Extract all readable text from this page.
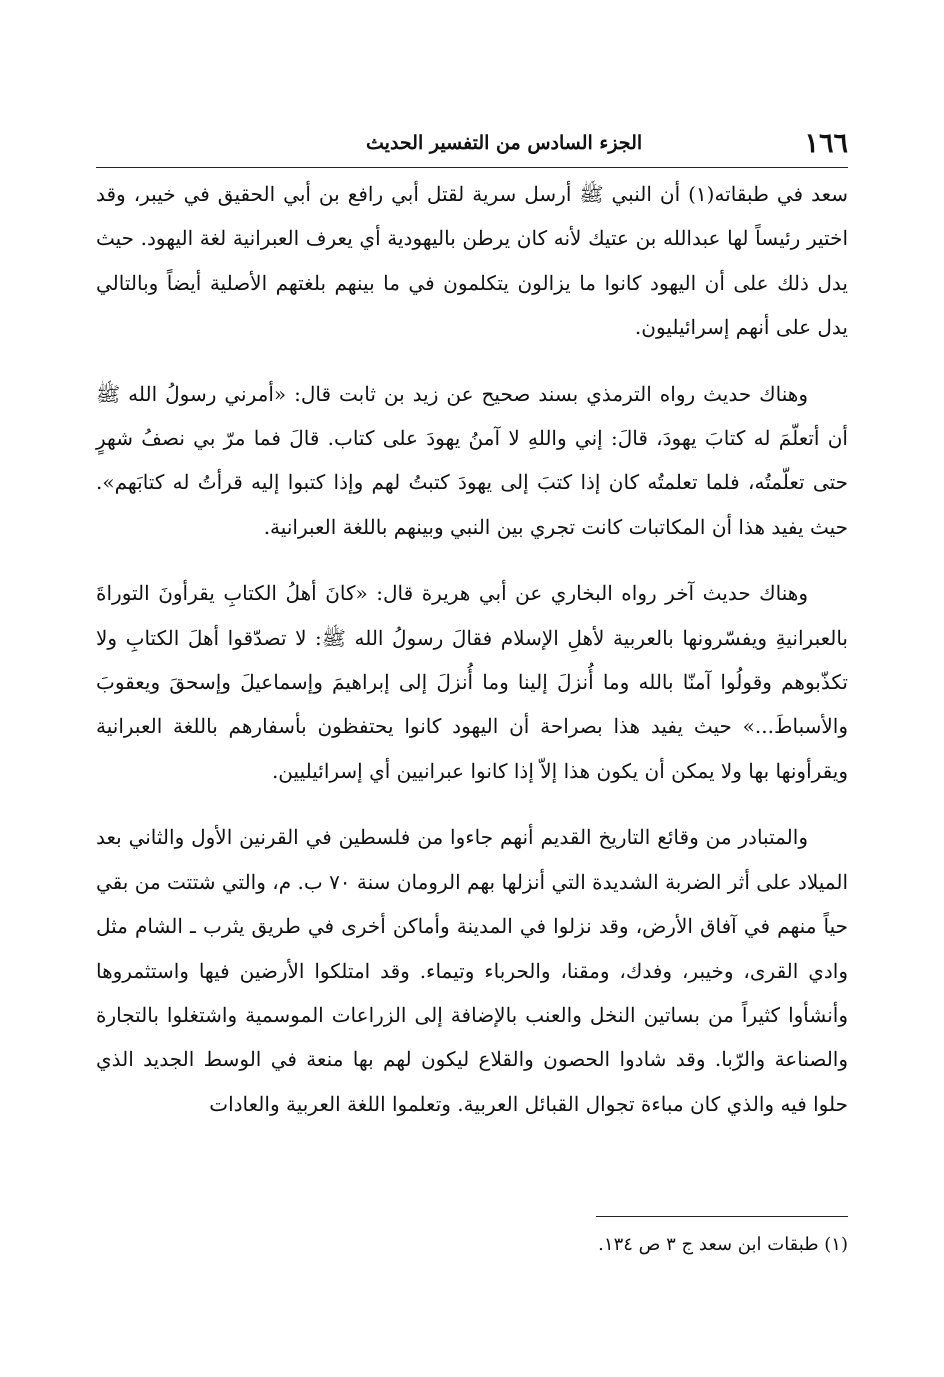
١٦٦
الجزء السادس من التفسير الحديث

سعد في طبقاته(١) أن النبي ﷺ أرسل سرية لقتل أبي رافع بن أبي الحقيق في خيبر، وقد اختير رئيساً لها عبدالله بن عتيك لأنه كان يرطن باليهودية أي يعرف العبرانية لغة اليهود. حيث يدل ذلك على أن اليهود كانوا ما يزالون يتكلمون في ما بينهم بلغتهم الأصلية أيضاً وبالتالي يدل على أنهم إسرائيليون.

وهناك حديث رواه الترمذي بسند صحيح عن زيد بن ثابت قال: «أمرني رسولُ الله ﷺ أن أتعلّمَ له كتابَ يهودَ، قالَ: إني واللهِ لا آمنُ يهودَ على كتاب. قالَ فما مرّ بي نصفُ شهرٍ حتى تعلّمتُه، فلما تعلمتُه كان إذا كتبَ إلى يهودَ كتبتُ لهم وإذا كتبوا إليه قرأتُ له كتابَهم». حيث يفيد هذا أن المكاتبات كانت تجري بين النبي وبينهم باللغة العبرانية.

وهناك حديث آخر رواه البخاري عن أبي هريرة قال: «كانَ أهلُ الكتابِ يقرأونَ التوراةَ بالعبرانيةِ ويفسّرونها بالعربية لأهلِ الإسلام فقالَ رسولُ الله ﷺ: لا تصدّقوا أهلَ الكتابِ ولا تكذّبوهم وقولُوا آمنّا بالله وما أُنزلَ إلينا وما أُنزلَ إلى إبراهيمَ وإسماعيلَ وإسحقَ ويعقوبَ والأسباطَ...» حيث يفيد هذا بصراحة أن اليهود كانوا يحتفظون بأسفارهم باللغة العبرانية ويقرأونها بها ولا يمكن أن يكون هذا إلاّ إذا كانوا عبرانيين أي إسرائيليين.

والمتبادر من وقائع التاريخ القديم أنهم جاءوا من فلسطين في القرنين الأول والثاني بعد الميلاد على أثر الضربة الشديدة التي أنزلها بهم الرومان سنة ٧٠ ب. م، والتي شتتت من بقي حياً منهم في آفاق الأرض، وقد نزلوا في المدينة وأماكن أخرى في طريق يثرب ـ الشام مثل وادي القرى، وخيبر، وفدك، ومقنا، والحرباء وتيماء. وقد امتلكوا الأرضين فيها واستثمروها وأنشأوا كثيراً من بساتين النخل والعنب بالإضافة إلى الزراعات الموسمية واشتغلوا بالتجارة والصناعة والرّبا. وقد شادوا الحصون والقلاع ليكون لهم بها منعة في الوسط الجديد الذي حلوا فيه والذي كان مباءة تجوال القبائل العربية. وتعلموا اللغة العربية والعادات

(١) طبقات ابن سعد ج ٣ ص ١٣٤.
